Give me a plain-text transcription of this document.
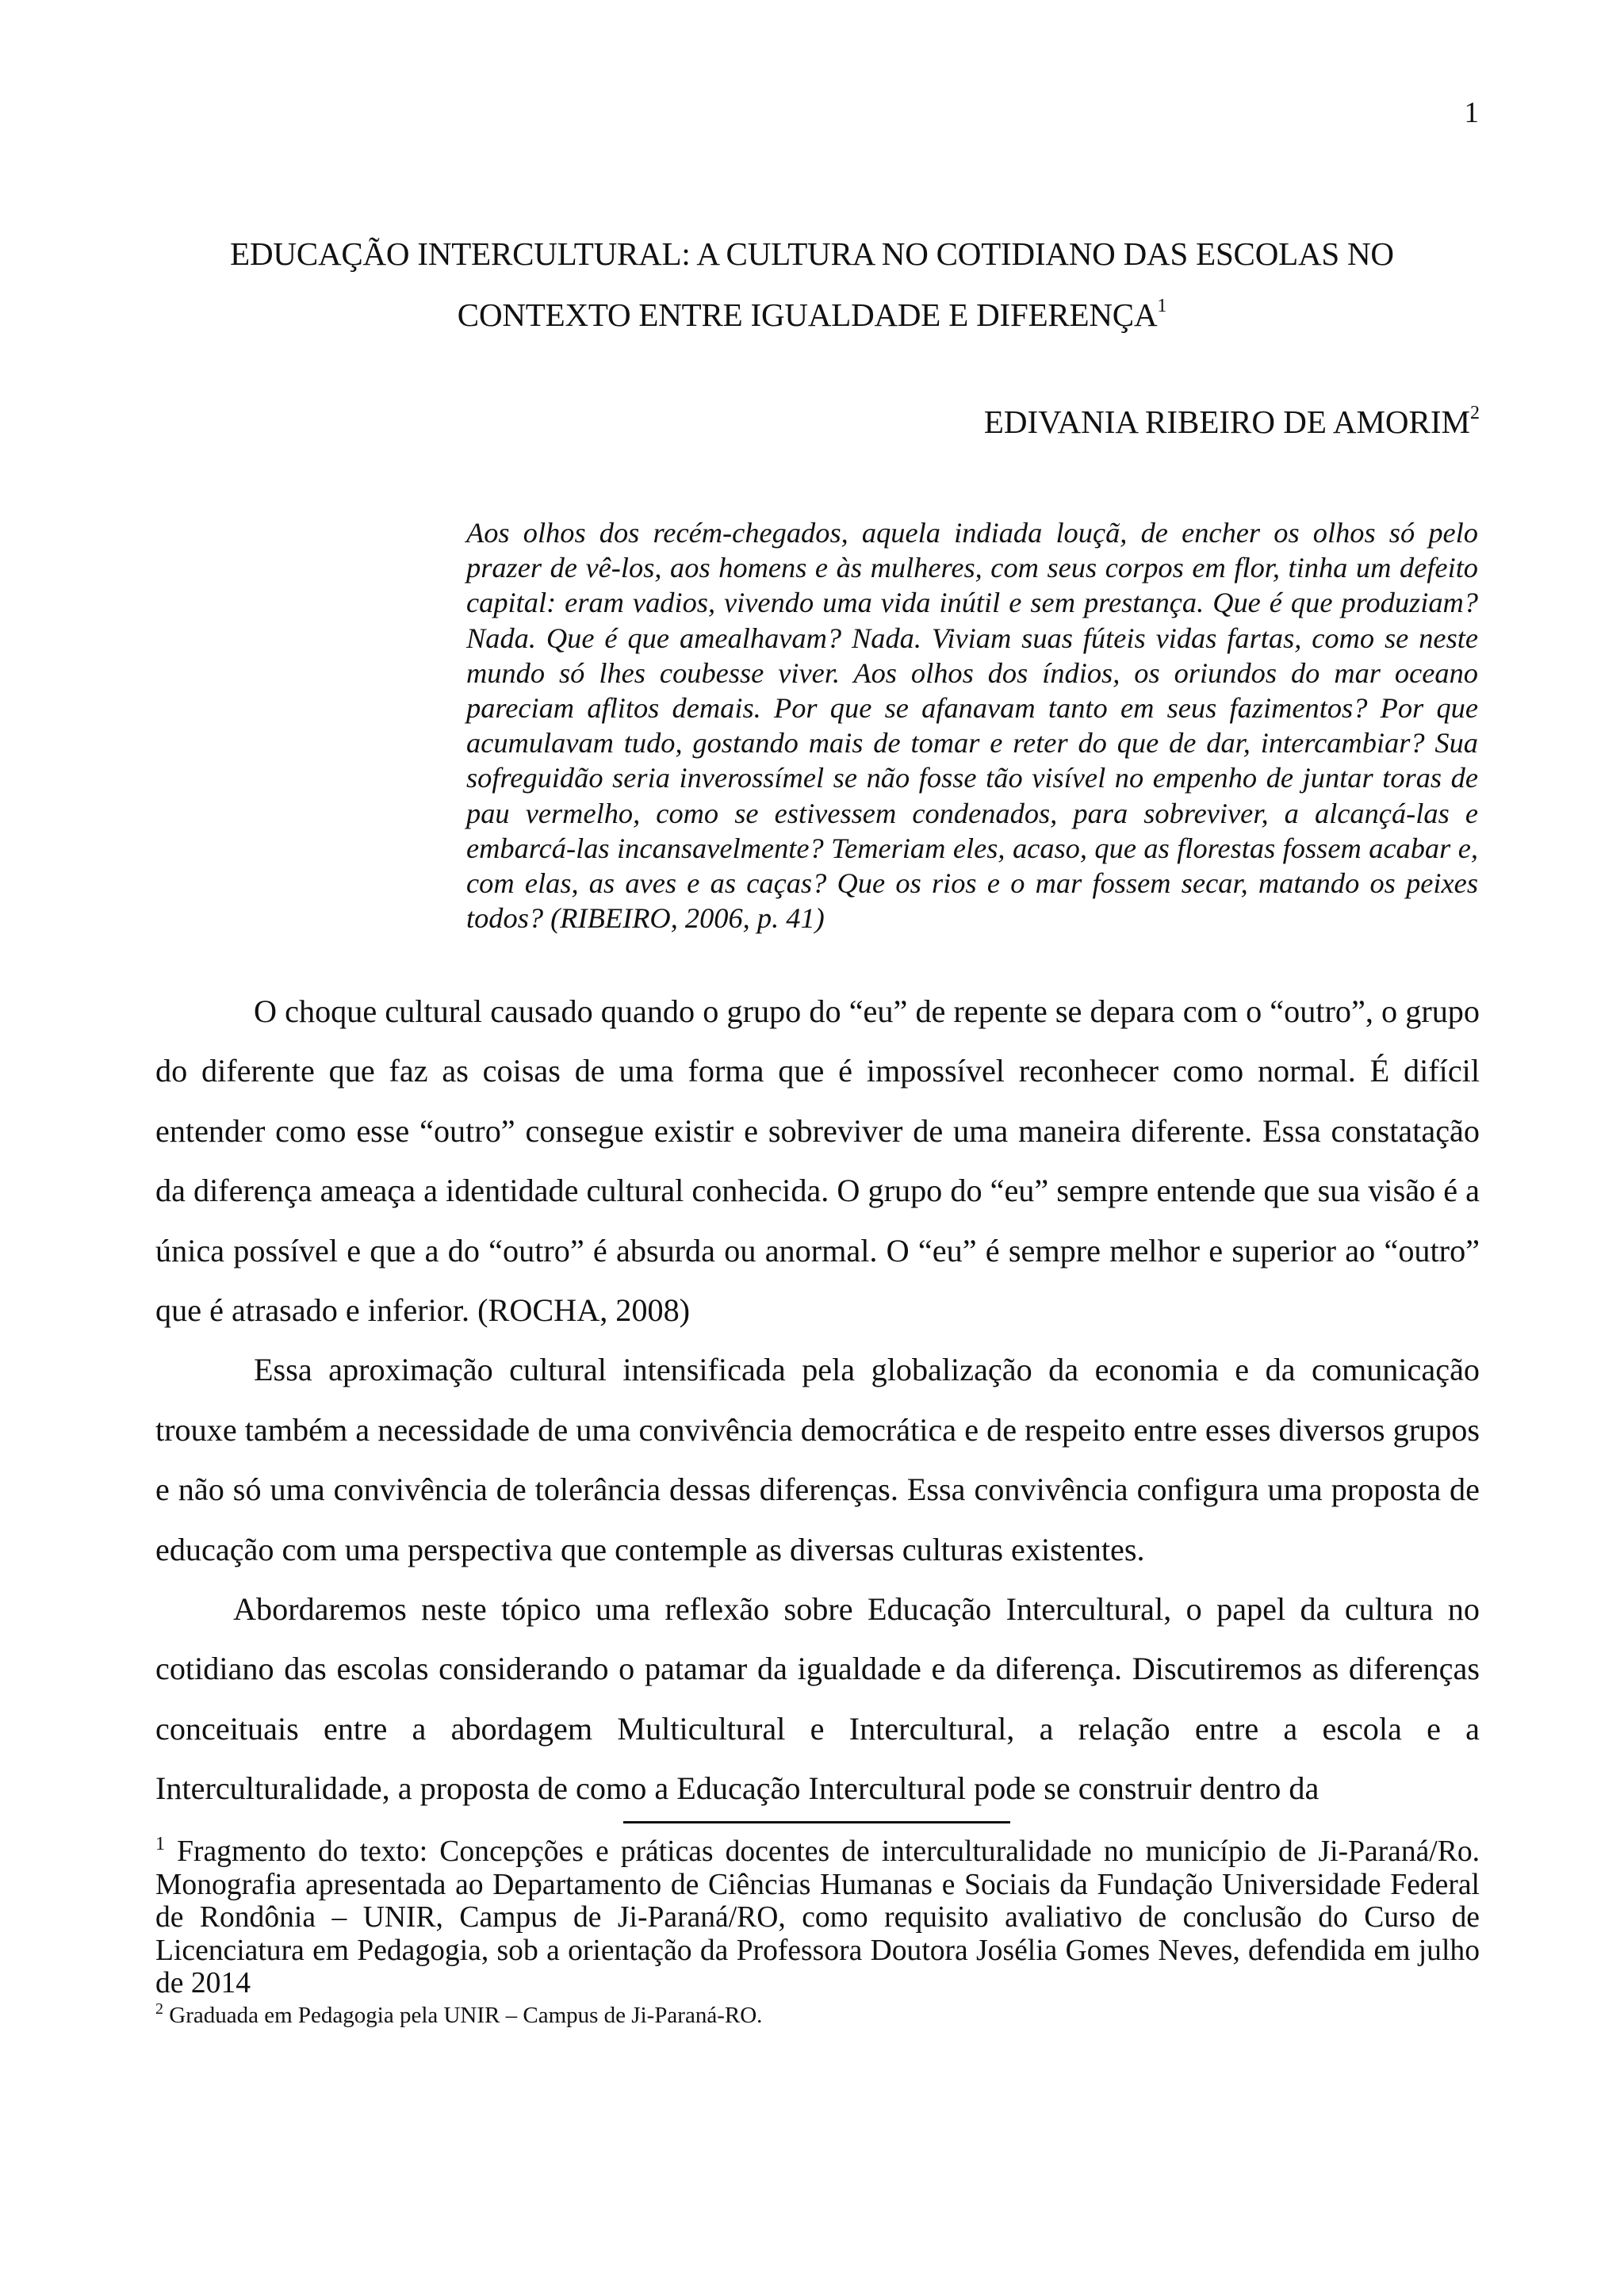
1
EDUCAÇÃO INTERCULTURAL: A CULTURA NO COTIDIANO DAS ESCOLAS NO
CONTEXTO ENTRE IGUALDADE E DIFERENÇA$^1$
EDIVANIA RIBEIRO DE AMORIM$^2$
Aos olhos dos recém-chegados, aquela indiada louçã, de encher os olhos só pelo prazer de vê-los, aos homens e às mulheres, com seus corpos em flor, tinha um defeito capital: eram vadios, vivendo uma vida inútil e sem prestança. Que é que produziam? Nada. Que é que amealhavam? Nada. Viviam suas fúteis vidas fartas, como se neste mundo só lhes coubesse viver. Aos olhos dos índios, os oriundos do mar oceano pareciam aflitos demais. Por que se afanavam tanto em seus fazimentos? Por que acumulavam tudo, gostando mais de tomar e reter do que de dar, intercambiar? Sua sofreguidão seria inverossímel se não fosse tão visível no empenho de juntar toras de pau vermelho, como se estivessem condenados, para sobreviver, a alcançá-las e embarcá-las incansavelmente? Temeriam eles, acaso, que as florestas fossem acabar e, com elas, as aves e as caças? Que os rios e o mar fossem secar, matando os peixes todos? (RIBEIRO, 2006, p. 41)

O choque cultural causado quando o grupo do “eu” de repente se depara com o “outro”, o grupo do diferente que faz as coisas de uma forma que é impossível reconhecer como normal. É difícil entender como esse “outro” consegue existir e sobreviver de uma maneira diferente. Essa constatação da diferença ameaça a identidade cultural conhecida. O grupo do “eu” sempre entende que sua visão é a única possível e que a do “outro” é absurda ou anormal. O “eu” é sempre melhor e superior ao “outro” que é atrasado e inferior. (ROCHA, 2008)

Essa aproximação cultural intensificada pela globalização da economia e da comunicação trouxe também a necessidade de uma convivência democrática e de respeito entre esses diversos grupos e não só uma convivência de tolerância dessas diferenças. Essa convivência configura uma proposta de educação com uma perspectiva que contemple as diversas culturas existentes.

Abordaremos neste tópico uma reflexão sobre Educação Intercultural, o papel da cultura no cotidiano das escolas considerando o patamar da igualdade e da diferença. Discutiremos as diferenças conceituais entre a abordagem Multicultural e Intercultural, a relação entre a escola e a Interculturalidade, a proposta de como a Educação Intercultural pode se construir dentro da

$^1$ Fragmento do texto: Concepções e práticas docentes de interculturalidade no município de Ji-Paraná/Ro. Monografia apresentada ao Departamento de Ciências Humanas e Sociais da Fundação Universidade Federal de Rondônia – UNIR, Campus de Ji-Paraná/RO, como requisito avaliativo de conclusão do Curso de Licenciatura em Pedagogia, sob a orientação da Professora Doutora Josélia Gomes Neves, defendida em julho de 2014

$^2$ Graduada em Pedagogia pela UNIR – Campus de Ji-Paraná-RO.
